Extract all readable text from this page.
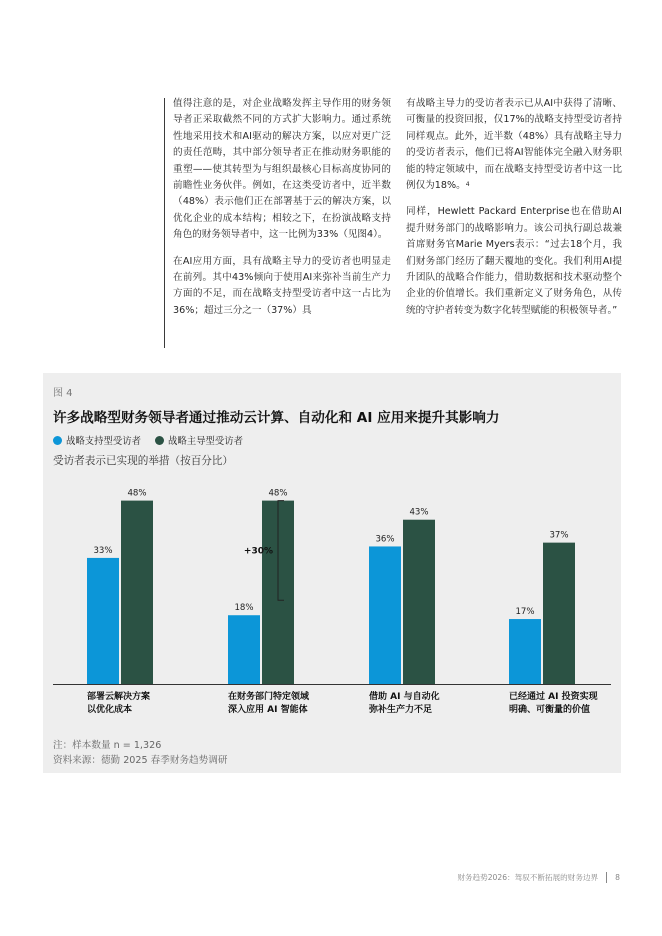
值得注意的是，对企业战略发挥主导作用的财务领导者正采取截然不同的方式扩大影响力。通过系统性地采用技术和AI驱动的解决方案，以应对更广泛的责任范畴，其中部分领导者正在推动财务职能的重塑——使其转型为与组织最核心目标高度协同的前瞻性业务伙伴。例如，在这类受访者中，近半数（48%）表示他们正在部署基于云的解决方案，以优化企业的成本结构；相较之下，在扮演战略支持角色的财务领导者中，这一比例为33%（见图4）。

在AI应用方面，具有战略主导力的受访者也明显走在前列。其中43%倾向于使用AI来弥补当前生产力方面的不足，而在战略支持型受访者中这一占比为36%；超过三分之一（37%）具

有战略主导力的受访者表示已从AI中获得了清晰、可衡量的投资回报，仅17%的战略支持型受访者持同样观点。此外，近半数（48%）具有战略主导力的受访者表示，他们已将AI智能体完全融入财务职能的特定领域中，而在战略支持型受访者中这一比例仅为18%。$^4$

同样，Hewlett Packard Enterprise也在借助AI提升财务部门的战略影响力。该公司执行副总裁兼首席财务官Marie Myers表示：“过去18个月，我们财务部门经历了翻天覆地的变化。我们利用AI提升团队的战略合作能力，借助数据和技术驱动整个企业的价值增长。我们重新定义了财务角色，从传统的守护者转变为数字化转型赋能的积极领导者。”

图 4
许多战略型财务领导者通过推动云计算、自动化和 AI 应用来提升其影响力
战略支持型受访者	战略主导型受访者
受访者表示已实现的举措（按百分比）
33%
48%
部署云解决方案
以优化成本
18%
48%
在财务部门特定领域
深入应用 AI 智能体
36%
43%
借助 AI 与自动化
弥补生产力不足
17%
37%
已经通过 AI 投资实现
明确、可衡量的价值
+30%
注：样本数量 n = 1,326
资料来源：德勤 2025 春季财务趋势调研
财务趋势2026：驾驭不断拓展的财务边界 8
